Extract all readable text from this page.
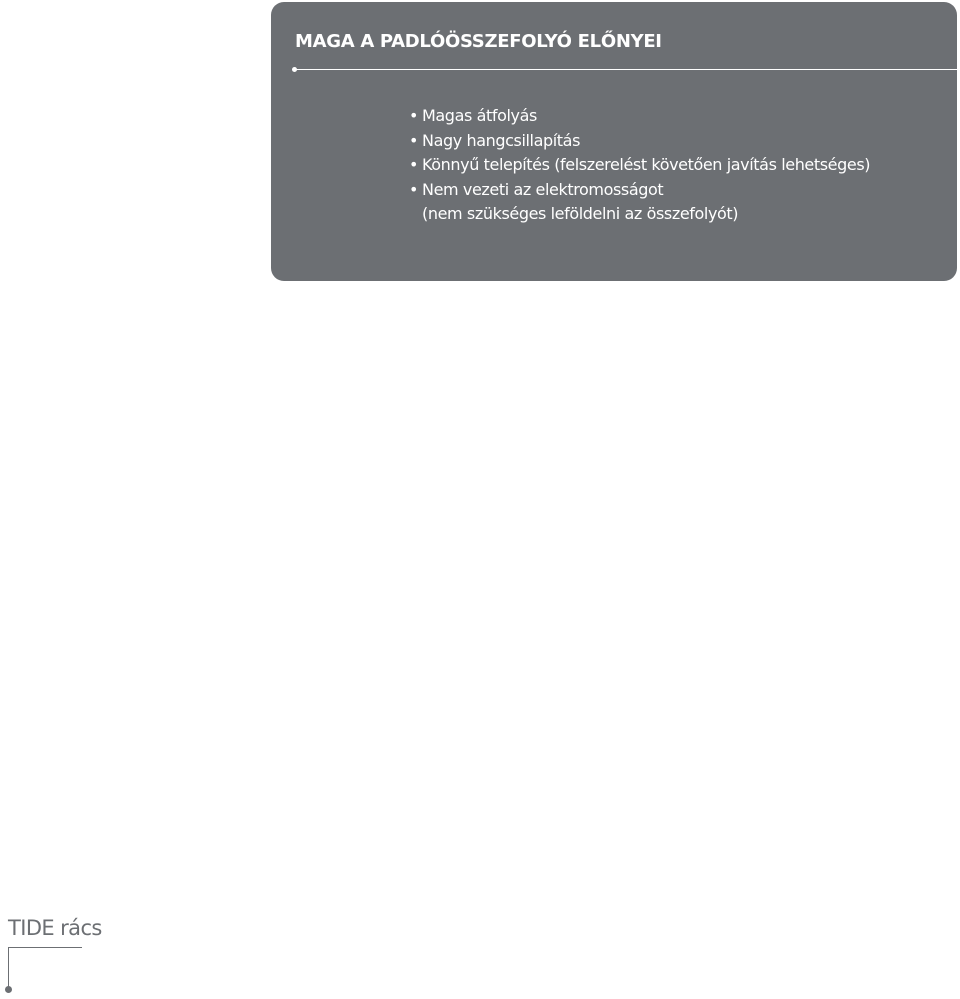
MAGA A PADLÓÖSSZEFOLYÓ ELŐNYEI
• Magas átfolyás
• Nagy hangcsillapítás
• Könnyű telepítés (felszerelést követően javítás lehetséges)
• Nem vezeti az elektromosságot
(nem szükséges leföldelni az összefolyót)
TIDE rács
